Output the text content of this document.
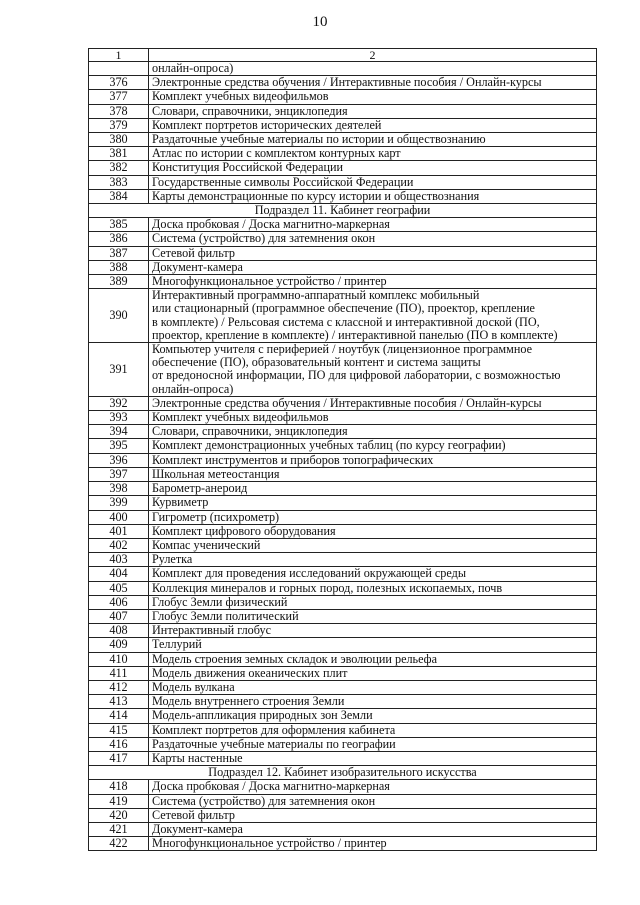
10
1	2

	онлайн-опроса)

376	Электронные средства обучения / Интерактивные пособия / Онлайн-курсы

377	Комплект учебных видеофильмов

378	Словари, справочники, энциклопедия

379	Комплект портретов исторических деятелей

380	Раздаточные учебные материалы по истории и обществознанию

381	Атлас по истории с комплектом контурных карт

382	Конституция Российской Федерации

383	Государственные символы Российской Федерации

384	Карты демонстрационные по курсу истории и обществознания

Подраздел 11. Кабинет географии	
385	Доска пробковая / Доска магнитно-маркерная

386	Система (устройство) для затемнения окон

387	Сетевой фильтр

388	Документ-камера

389	Многофункциональное устройство / принтер

390	Интерактивный программно-аппаратный комплекс мобильный
или стационарный (программное обеспечение (ПО), проектор, крепление
в комплекте) / Рельсовая система с классной и интерактивной доской (ПО,
проектор, крепление в комплекте) / интерактивной панелью (ПО в комплекте)

391	Компьютер учителя с периферией / ноутбук (лицензионное программное
обеспечение (ПО), образовательный контент и система защиты
от вредоносной информации, ПО для цифровой лаборатории, с возможностью
онлайн-опроса)

392	Электронные средства обучения / Интерактивные пособия / Онлайн-курсы

393	Комплект учебных видеофильмов

394	Словари, справочники, энциклопедия

395	Комплект демонстрационных учебных таблиц (по курсу географии)

396	Комплект инструментов и приборов топографических

397	Школьная метеостанция

398	Барометр-анероид

399	Курвиметр

400	Гигрометр (психрометр)

401	Комплект цифрового оборудования

402	Компас ученический

403	Рулетка

404	Комплект для проведения исследований окружающей среды

405	Коллекция минералов и горных пород, полезных ископаемых, почв

406	Глобус Земли физический

407	Глобус Земли политический

408	Интерактивный глобус

409	Теллурий

410	Модель строения земных складок и эволюции рельефа

411	Модель движения океанических плит

412	Модель вулкана

413	Модель внутреннего строения Земли

414	Модель-аппликация природных зон Земли

415	Комплект портретов для оформления кабинета

416	Раздаточные учебные материалы по географии

417	Карты настенные

Подраздел 12. Кабинет изобразительного искусства	
418	Доска пробковая / Доска магнитно-маркерная

419	Система (устройство) для затемнения окон

420	Сетевой фильтр

421	Документ-камера

422	Многофункциональное устройство / принтер
